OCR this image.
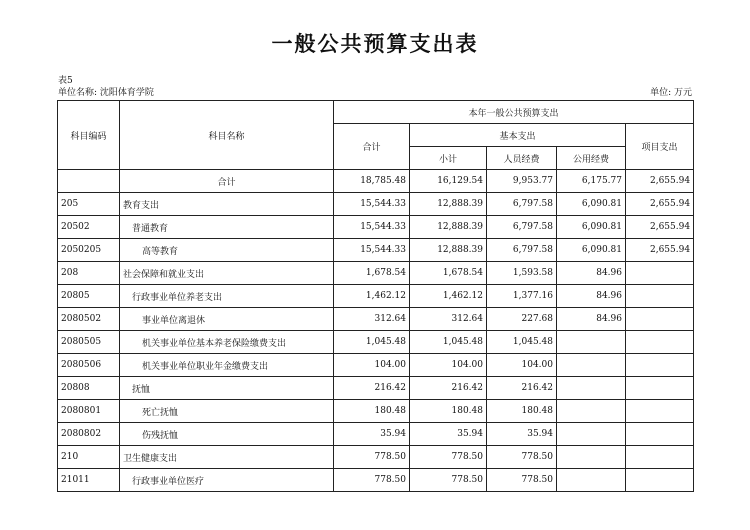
一般公共预算支出表
表5
单位名称: 沈阳体育学院	单位: 万元
科目编码	科目名称	本年一般公共预算支出				
		合计	基本支出			项目支出
			小计	人员经费	公用经费	
	合计	18,785.48	16,129.54	9,953.77	6,175.77	2,655.94
205	教育支出	15,544.33	12,888.39	6,797.58	6,090.81	2,655.94
20502	普通教育	15,544.33	12,888.39	6,797.58	6,090.81	2,655.94
2050205	高等教育	15,544.33	12,888.39	6,797.58	6,090.81	2,655.94
208	社会保障和就业支出	1,678.54	1,678.54	1,593.58	84.96	
20805	行政事业单位养老支出	1,462.12	1,462.12	1,377.16	84.96	
2080502	事业单位离退休	312.64	312.64	227.68	84.96	
2080505	机关事业单位基本养老保险缴费支出	1,045.48	1,045.48	1,045.48		
2080506	机关事业单位职业年金缴费支出	104.00	104.00	104.00		
20808	抚恤	216.42	216.42	216.42		
2080801	死亡抚恤	180.48	180.48	180.48		
2080802	伤残抚恤	35.94	35.94	35.94		
210	卫生健康支出	778.50	778.50	778.50		
21011	行政事业单位医疗	778.50	778.50	778.50		
